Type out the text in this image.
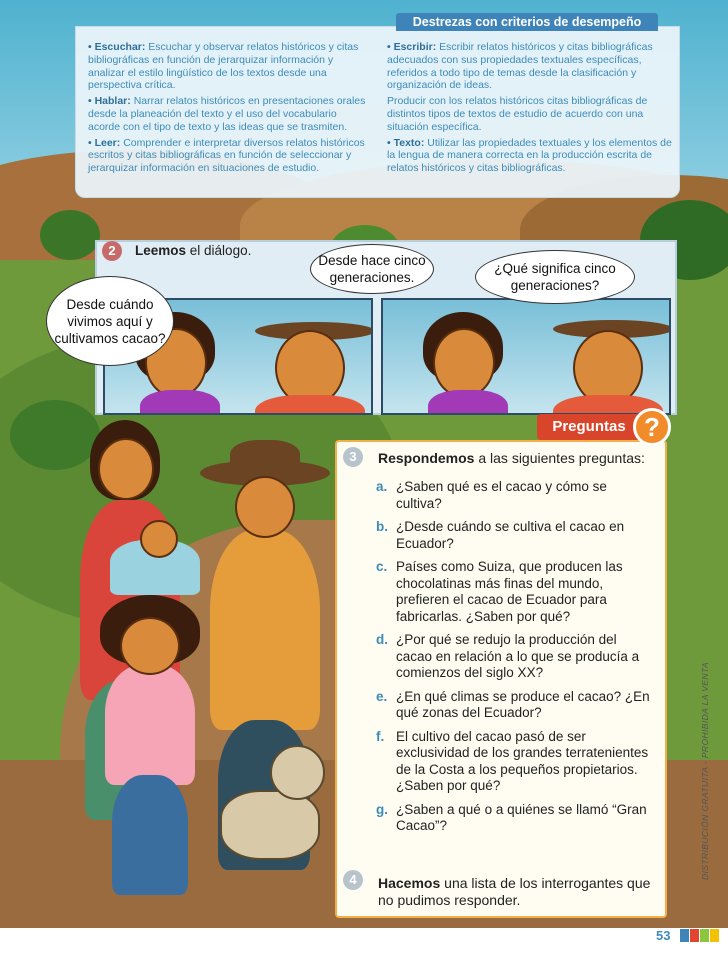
• Escuchar: Escuchar y observar relatos históricos y citas bibliográficas en función de jerarquizar información y analizar el estilo lingüístico de los textos desde una perspectiva crítica.

• Hablar: Narrar relatos históricos en presentaciones orales desde la planeación del texto y el uso del vocabulario acorde con el tipo de texto y las ideas que se trasmiten.

• Leer: Comprender e interpretar diversos relatos históricos escritos y citas bibliográficas en función de seleccionar y jerarquizar información en situaciones de estudio.

• Escribir: Escribir relatos históricos y citas bibliográficas adecuados con sus propiedades textuales específicas, referidos a todo tipo de temas desde la clasificación y organización de ideas.

Producir con los relatos históricos citas bibliográficas de distintos tipos de textos de estudio de acuerdo con una situación específica.

• Texto: Utilizar las propiedades textuales y los elementos de la lengua de manera correcta en la producción escrita de relatos históricos y citas bibliográficas.

Destrezas con criterios de desempeño
2	Leemos el diálogo.
Desde cuándo vivimos aquí y cultivamos cacao?
Desde hace cinco generaciones.
¿Qué significa cinco generaciones?
Preguntas ?
3	Respondemos a las siguientes preguntas:
a. ¿Saben qué es el cacao y cómo se cultiva?
b. ¿Desde cuándo se cultiva el cacao en Ecuador?
c. Países como Suiza, que producen las chocolatinas más finas del mundo, prefieren el cacao de Ecuador para fabricarlas. ¿Saben por qué?
d. ¿Por qué se redujo la producción del cacao en relación a lo que se producía a comienzos del siglo XX?
e. ¿En qué climas se produce el cacao? ¿En qué zonas del Ecuador?
f. El cultivo del cacao pasó de ser exclusividad de los grandes terratenientes de la Costa a los pequeños propietarios. ¿Saben por qué?
g. ¿Saben a qué o a quiénes se llamó “Gran Cacao”?
4	Hacemos una lista de los interrogantes que no pudimos responder.
DISTRIBUCIÓN GRATUITA - PROHIBIDA LA VENTA
53
